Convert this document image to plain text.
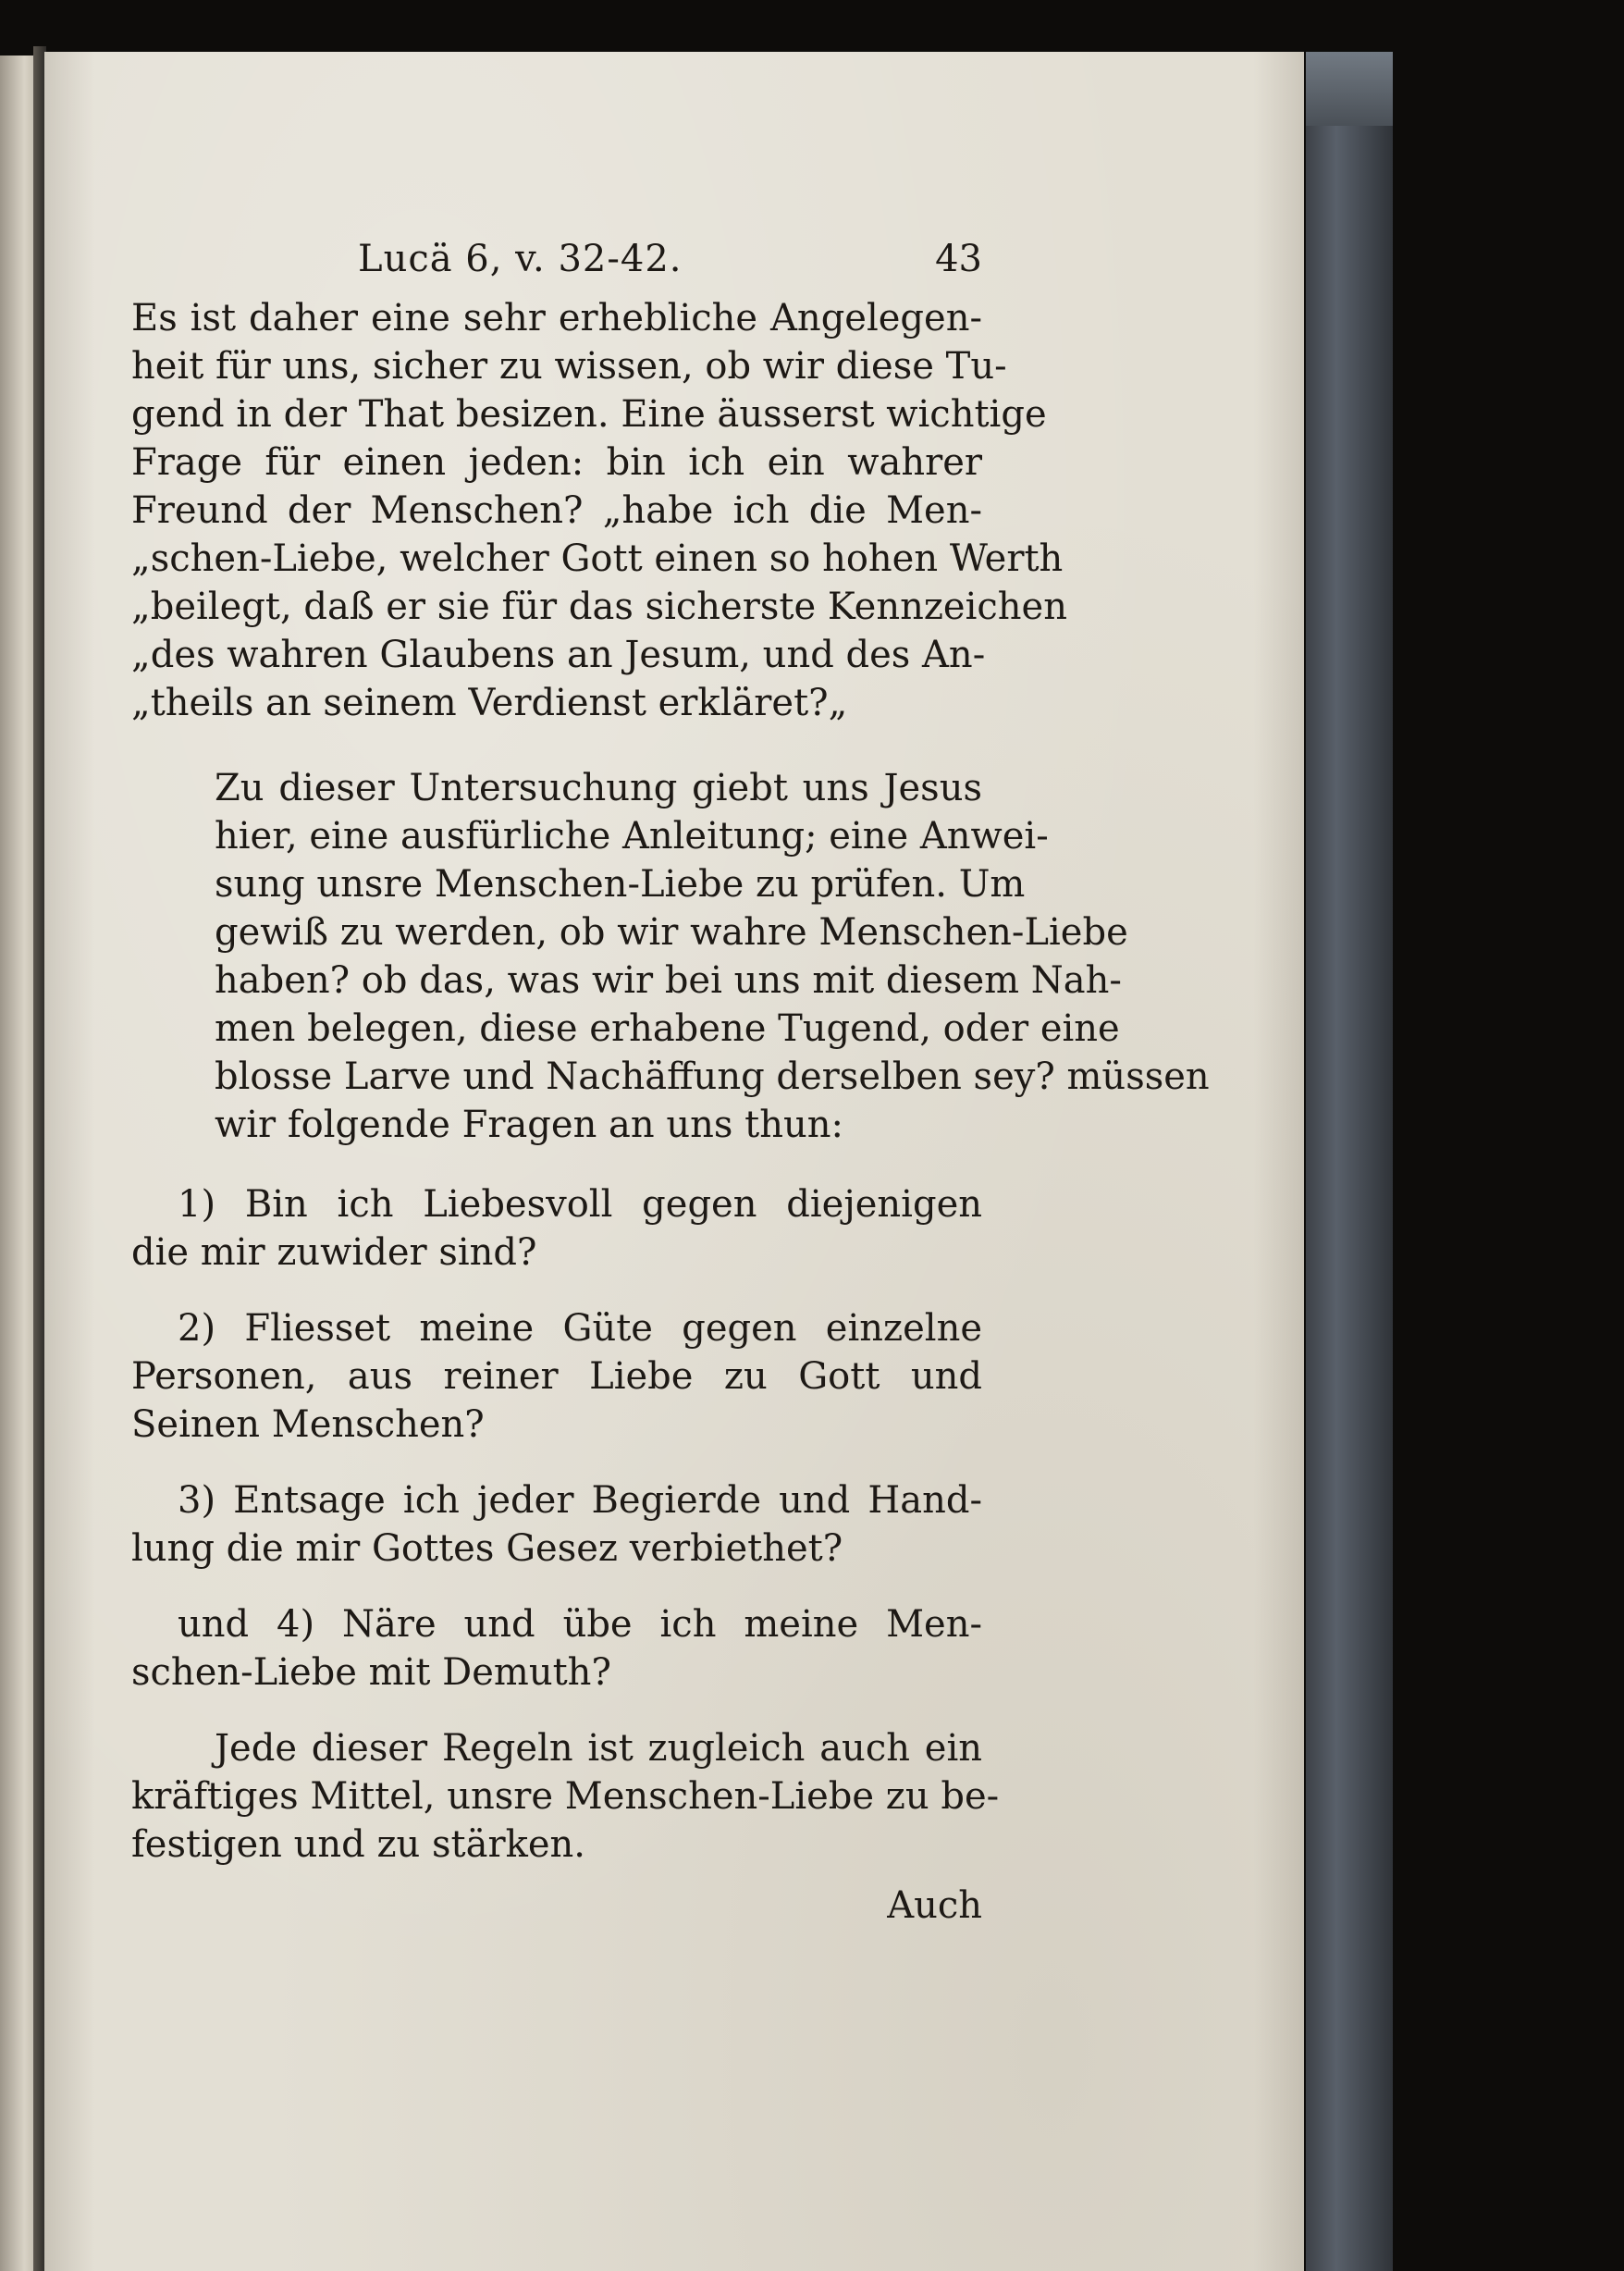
Lucä 6, v. 32-42.	43

Es ist daher eine sehr erhebliche Angelegen-
heit für uns, sicher zu wissen, ob wir diese Tu-
gend in der That besizen. Eine äusserst wichtige
Frage für einen jeden: bin ich ein wahrer
Freund der Menschen? „habe ich die Men-
„schen-Liebe, welcher Gott einen so hohen Werth
„beilegt, daß er sie für das sicherste Kennzeichen
„des wahren Glaubens an Jesum, und des An-
„theils an seinem Verdienst erkläret?„

Zu dieser Untersuchung giebt uns Jesus
hier, eine ausfürliche Anleitung; eine Anwei-
sung unsre Menschen-Liebe zu prüfen. Um
gewiß zu werden, ob wir wahre Menschen-Liebe
haben? ob das, was wir bei uns mit diesem Nah-
men belegen, diese erhabene Tugend, oder eine
blosse Larve und Nachäffung derselben sey? müssen
wir folgende Fragen an uns thun:

1) Bin ich Liebesvoll gegen diejenigen
die mir zuwider sind?

2) Fliesset meine Güte gegen einzelne
Personen, aus reiner Liebe zu Gott und
Seinen Menschen?

3) Entsage ich jeder Begierde und Hand-
lung die mir Gottes Gesez verbiethet?

und 4) Näre und übe ich meine Men-
schen-Liebe mit Demuth?

Jede dieser Regeln ist zugleich auch ein
kräftiges Mittel, unsre Menschen-Liebe zu be-
festigen und zu stärken.

Auch
